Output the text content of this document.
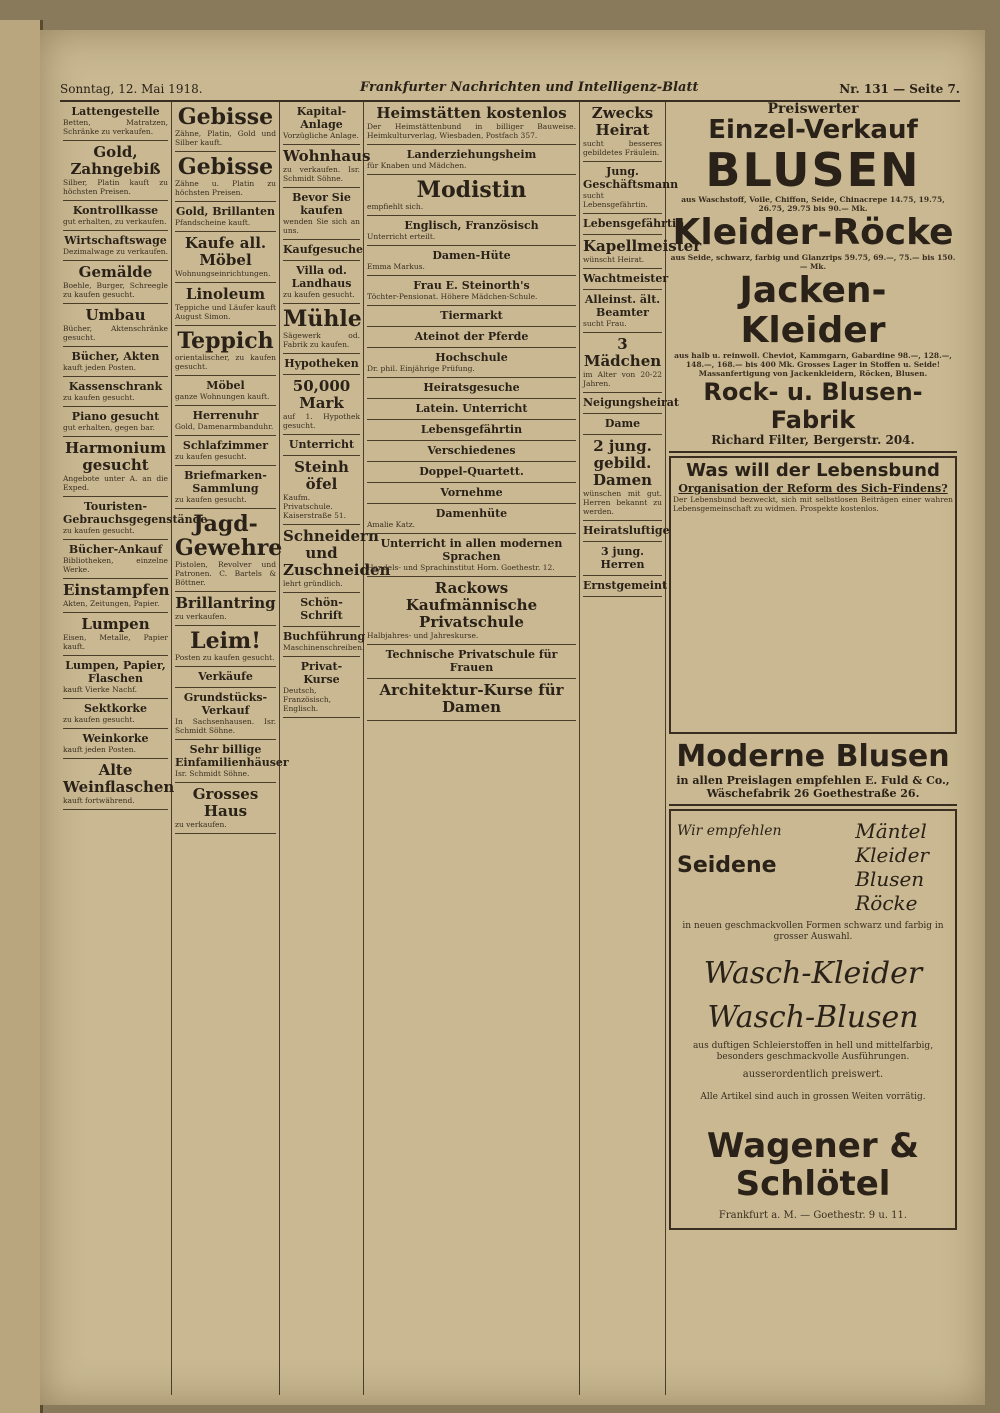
Sonntag, 12. Mai 1918.	Frankfurter Nachrichten und Intelligenz-Blatt	Nr. 131 — Seite 7.
Lattengestelle
Betten, Matratzen, Schränke zu verkaufen.
Gold, Zahngebiß
Silber, Platin kauft zu höchsten Preisen.
Kontrollkasse
gut erhalten, zu verkaufen.
Wirtschaftswage
Dezimalwage zu verkaufen.
Gemälde
Boehle, Burger, Schreegle zu kaufen gesucht.
Umbau
Bücher, Aktenschränke gesucht.
Bücher, Akten
kauft jeden Posten.
Kassenschrank
zu kaufen gesucht.
Piano gesucht
gut erhalten, gegen bar.
Harmonium gesucht
Angebote unter A. an die Exped.
Touristen-Gebrauchsgegenstände
zu kaufen gesucht.
Bücher-Ankauf
Bibliotheken, einzelne Werke.
Einstampfen
Akten, Zeitungen, Papier.
Lumpen
Eisen, Metalle, Papier kauft.
Lumpen, Papier, Flaschen
kauft Vierke Nachf.
Sektkorke
zu kaufen gesucht.
Weinkorke
kauft jeden Posten.
Alte Weinflaschen
kauft fortwährend.
Gebisse
Zähne, Platin, Gold und Silber kauft.
Gebisse
Zähne u. Platin zu höchsten Preisen.
Gold, Brillanten
Pfandscheine kauft.
Kaufe all. Möbel
Wohnungseinrichtungen.
Linoleum
Teppiche und Läufer kauft August Simon.
Teppich
orientalischer, zu kaufen gesucht.
Möbel
ganze Wohnungen kauft.
Herrenuhr
Gold, Damenarmbanduhr.
Schlafzimmer
zu kaufen gesucht.
Briefmarken-Sammlung
zu kaufen gesucht.
Jagd-Gewehre
Pistolen, Revolver und Patronen. C. Bartels & Böttner.
Brillantring
zu verkaufen.
Leim!
Posten zu kaufen gesucht.
Verkäufe
Grundstücks-Verkauf
In Sachsenhausen. Isr. Schmidt Söhne.
Sehr billige Einfamilienhäuser
Isr. Schmidt Söhne.
Grosses Haus
zu verkaufen.
Kapital-Anlage
Vorzügliche Anlage.
Wohnhaus
zu verkaufen. Isr. Schmidt Söhne.
Bevor Sie kaufen
wenden Sie sich an uns.
Kaufgesuche
Villa od. Landhaus
zu kaufen gesucht.
Mühle
Sägewerk od. Fabrik zu kaufen.
Hypotheken
50,000 Mark
auf 1. Hypothek gesucht.
Unterricht
Steinh öfel
Kaufm. Privatschule. Kaiserstraße 51.
Schneidern und Zuschneiden
lehrt gründlich.
Schön-Schrift
Buchführung
Maschinenschreiben.
Privat-Kurse
Deutsch, Französisch, Englisch.
Heimstätten kostenlos
Der Heimstättenbund in billiger Bauweise. Heimkulturverlag, Wiesbaden, Postfach 357.
Landerziehungsheim
für Knaben und Mädchen.
Modistin
empfiehlt sich.
Englisch, Französisch
Unterricht erteilt.
Damen-Hüte
Emma Markus.
Frau E. Steinorth's
Töchter-Pensionat. Höhere Mädchen-Schule.
Tiermarkt
Ateinot der Pferde
Hochschule
Dr. phil. Einjährige Prüfung.
Heiratsgesuche
Latein. Unterricht
Lebensgefährtin
Verschiedenes
Doppel-Quartett.
Vornehme
Damenhüte
Amalie Katz.
Unterricht in allen modernen Sprachen
Handels- und Sprachinstitut Horn. Goethestr. 12.
Rackows Kaufmännische Privatschule
Halbjahres- und Jahreskurse.
Technische Privatschule für Frauen
Architektur-Kurse für Damen
Zwecks Heirat
sucht besseres gebildetes Fräulein.
Jung. Geschäftsmann
sucht Lebensgefährtin.
Lebensgefährtin
Kapellmeister
wünscht Heirat.
Wachtmeister
Alleinst. ält. Beamter
sucht Frau.
3 Mädchen
im Alter von 20-22 Jahren.
Neigungsheirat
Dame
2 jung. gebild. Damen
wünschen mit gut. Herren bekannt zu werden.
Heiratsluftige
3 jung. Herren
Ernstgemeint
Preiswerter
Einzel-Verkauf
BLUSEN
aus Waschstoff, Voile, Chiffon, Seide, Chinacrepe 14.75, 19.75, 26.75, 29.75 bis 90.— Mk.
Kleider-Röcke
aus Seide, schwarz, farbig und Glanzrips 59.75, 69.—, 75.— bis 150.— Mk.
Jacken-Kleider
aus halb u. reinwoll. Cheviot, Kammgarn, Gabardine 98.—, 128.—, 148.—, 168.— bis 400 Mk. Grosses Lager in Stoffen u. Seide! Massanfertigung von Jackenkleidern, Röcken, Blusen.
Rock- u. Blusen-Fabrik
Richard Filter, Bergerstr. 204.
Was will der Lebensbund
Organisation der Reform des Sich-Findens?
Der Lebensbund bezweckt, sich mit selbstlosen Beiträgen einer wahren Lebensgemeinschaft zu widmen. Prospekte kostenlos.
Moderne Blusen
in allen Preislagen empfehlen E. Fuld & Co., Wäschefabrik 26 Goethestraße 26.
Wir empfehlen
Seidene
Mäntel
Kleider
Blusen
Röcke
in neuen geschmackvollen Formen schwarz und farbig in grosser Auswahl.
Wasch-Kleider
Wasch-Blusen
aus duftigen Schleierstoffen in hell und mittelfarbig, besonders geschmackvolle Ausführungen.
ausserordentlich preiswert.
Alle Artikel sind auch in grossen Weiten vorrätig.
Wagener & Schlötel
Frankfurt a. M. — Goethestr. 9 u. 11.
